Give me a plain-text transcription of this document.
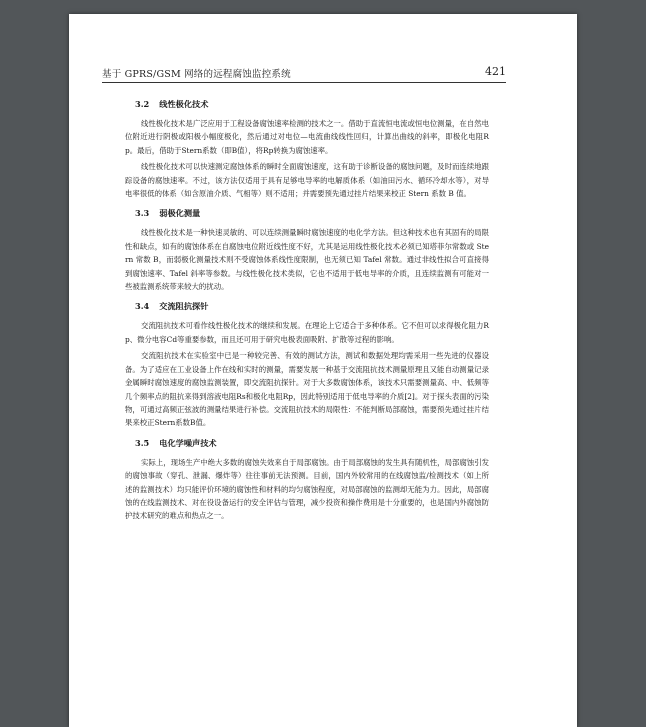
基于 GPRS/GSM 网络的远程腐蚀监控系统	421
3.2 线性极化技术

线性极化技术是广泛应用于工程设备腐蚀速率检测的技术之一。借助于直流恒电流或恒电位测量，在自然电位附近进行阴极或阳极小幅度极化，然后通过对电位—电流曲线线性回归，计算出曲线的斜率，即极化电阻Rp。最后，借助于Stern系数（即B值），将Rp转换为腐蚀速率。

线性极化技术可以快速测定腐蚀体系的瞬时全面腐蚀速度，这有助于诊断设备的腐蚀问题，及时而连续地跟踪设备的腐蚀速率。不过，该方法仅适用于具有足够电导率的电解质体系（如油田污水、循环冷却水等），对导电率很低的体系（如含原油介质、气相等）则不适用；并需要预先通过挂片结果来校正 Stern 系数 B 值。

3.3 弱极化测量

线性极化技术是一种快速灵敏的、可以连续测量瞬时腐蚀速度的电化学方法。但这种技术也有其固有的局限性和缺点，如有的腐蚀体系在自腐蚀电位附近线性度不好，尤其是运用线性极化技术必须已知塔菲尔常数或 Stern 常数 B，而弱极化测量技术则不受腐蚀体系线性度限制，也无须已知 Tafel 常数。通过非线性拟合可直接得到腐蚀速率、Tafel 斜率等参数。与线性极化技术类似，它也不适用于低电导率的介质，且连续监测有可能对一些被监测系统带来较大的扰动。

3.4 交流阻抗探针

交流阻抗技术可看作线性极化技术的继续和发展。在理论上它适合于多种体系。它不但可以求得极化阻力Rp、微分电容Cd等重要参数，而且还可用于研究电极表面吸附、扩散等过程的影响。

交流阻抗技术在实验室中已是一种较完善、有效的测试方法，测试和数据处理均需采用一些先进的仪器设备。为了适应在工业设备上作在线和实时的测量，需要发展一种基于交流阻抗技术测量原理且又能自动测量记录金属瞬时腐蚀速度的腐蚀监测装置，即交流阻抗探针。对于大多数腐蚀体系，该技术只需要测量高、中、低频等几个频率点的阻抗来得到溶液电阻Rs和极化电阻Rp，因此特别适用于低电导率的介质[2]。对于探头表面的污染物，可通过高频正弦波的测量结果进行补偿。交流阻抗技术的局限性：不能判断局部腐蚀，需要预先通过挂片结果来校正Stern系数B值。

3.5 电化学噪声技术

实际上，现场生产中绝大多数的腐蚀失效来自于局部腐蚀。由于局部腐蚀的发生具有随机性，局部腐蚀引发的腐蚀事故（穿孔、泄漏、爆炸等）往往事前无法预测。目前，国内外较常用的在线腐蚀监/检测技术（如上所述的监测技术）均只能评价环境的腐蚀性和材料的均匀腐蚀程度，对局部腐蚀的监测却无能为力。因此，局部腐蚀的在线监测技术、对在役设备运行的安全评估与管理，减少投资和操作费用是十分重要的，也是国内外腐蚀防护技术研究的难点和热点之一。
